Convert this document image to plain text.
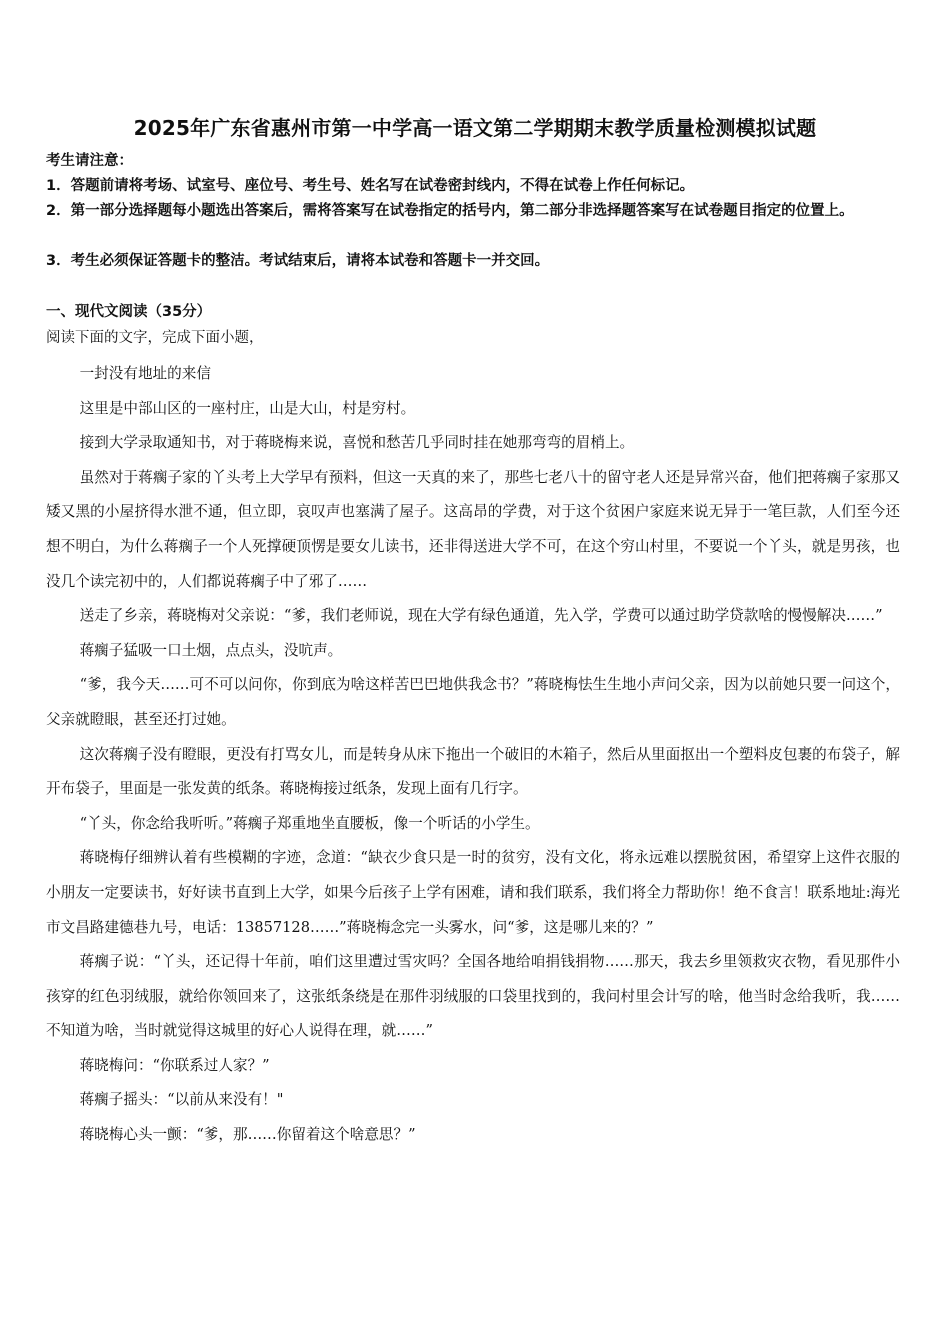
2025年广东省惠州市第一中学高一语文第二学期期末教学质量检测模拟试题
考生请注意：
1．答题前请将考场、试室号、座位号、考生号、姓名写在试卷密封线内，不得在试卷上作任何标记。
2．第一部分选择题每小题选出答案后，需将答案写在试卷指定的括号内，第二部分非选择题答案写在试卷题目指定的位置上。
3．考生必须保证答题卡的整洁。考试结束后，请将本试卷和答题卡一并交回。
一、现代文阅读（35分）
阅读下面的文字，完成下面小题，

一封没有地址的来信

这里是中部山区的一座村庄，山是大山，村是穷村。

接到大学录取通知书，对于蒋晓梅来说，喜悦和愁苦几乎同时挂在她那弯弯的眉梢上。

虽然对于蒋瘸子家的丫头考上大学早有预料，但这一天真的来了，那些七老八十的留守老人还是异常兴奋，他们把蒋瘸子家那又矮又黑的小屋挤得水泄不通，但立即，哀叹声也塞满了屋子。这高昂的学费，对于这个贫困户家庭来说无异于一笔巨款，人们至今还想不明白，为什么蒋瘸子一个人死撑硬顶愣是要女儿读书，还非得送进大学不可，在这个穷山村里，不要说一个丫头，就是男孩，也没几个读完初中的，人们都说蒋瘸子中了邪了……

送走了乡亲，蒋晓梅对父亲说：“爹，我们老师说，现在大学有绿色通道，先入学，学费可以通过助学贷款啥的慢慢解决……”

蒋瘸子猛吸一口土烟，点点头，没吭声。

“爹，我今天……可不可以问你，你到底为啥这样苦巴巴地供我念书？”蒋晓梅怯生生地小声问父亲，因为以前她只要一问这个，父亲就瞪眼，甚至还打过她。

这次蒋瘸子没有瞪眼，更没有打骂女儿，而是转身从床下拖出一个破旧的木箱子，然后从里面抠出一个塑料皮包裹的布袋子，解开布袋子，里面是一张发黄的纸条。蒋晓梅接过纸条，发现上面有几行字。

“丫头，你念给我听听。”蒋瘸子郑重地坐直腰板，像一个听话的小学生。

蒋晓梅仔细辨认着有些模糊的字迹，念道：“缺衣少食只是一时的贫穷，没有文化，将永远难以摆脱贫困，希望穿上这件衣服的小朋友一定要读书，好好读书直到上大学，如果今后孩子上学有困难，请和我们联系，我们将全力帮助你！绝不食言！联系地址:海光市文昌路建德巷九号，电话：13857128……”蒋晓梅念完一头雾水，问“爹，这是哪儿来的？”

蒋瘸子说：“丫头，还记得十年前，咱们这里遭过雪灾吗？全国各地给咱捐钱捐物……那天，我去乡里领救灾衣物，看见那件小孩穿的红色羽绒服，就给你领回来了，这张纸条绕是在那件羽绒服的口袋里找到的，我问村里会计写的啥，他当时念给我听，我……不知道为啥，当时就觉得这城里的好心人说得在理，就……”

蒋晓梅问：“你联系过人家？”

蒋瘸子摇头：“以前从来没有！"

蒋晓梅心头一颤：“爹，那……你留着这个啥意思？”
